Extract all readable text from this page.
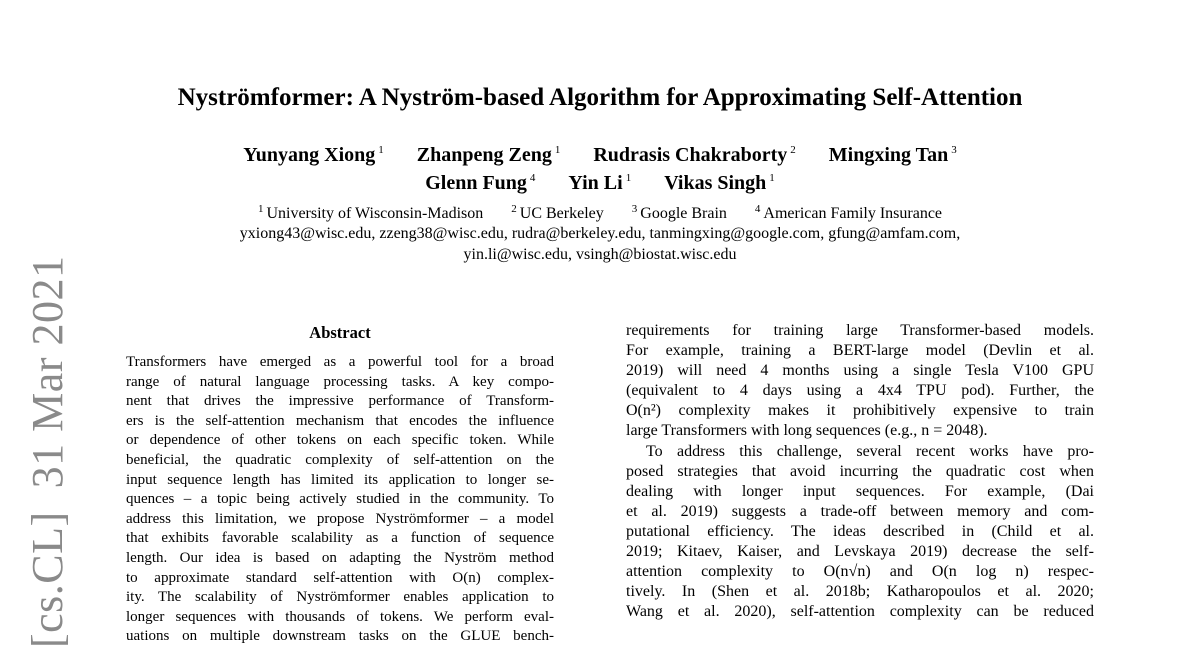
[cs.CL]  31 Mar 2021
Nyströmformer: A Nyström-based Algorithm for Approximating Self-Attention
Yunyang Xiong $^1$ Zhanpeng Zeng $^1$ Rudrasis Chakraborty $^2$ Mingxing Tan $^3$
Glenn Fung $^4$ Yin Li $^1$ Vikas Singh $^1$
$^1$ University of Wisconsin-Madison	$^2$ UC Berkeley	$^3$ Google Brain	$^4$ American Family Insurance
yxiong43@wisc.edu, zzeng38@wisc.edu, rudra@berkeley.edu, tanmingxing@google.com, gfung@amfam.com,
yin.li@wisc.edu, vsingh@biostat.wisc.edu
Abstract
Transformers have emerged as a powerful tool for a broad
range of natural language processing tasks. A key compo-
nent that drives the impressive performance of Transform-
ers is the self-attention mechanism that encodes the influence
or dependence of other tokens on each specific token. While
beneficial, the quadratic complexity of self-attention on the
input sequence length has limited its application to longer se-
quences – a topic being actively studied in the community. To
address this limitation, we propose Nyströmformer – a model
that exhibits favorable scalability as a function of sequence
length. Our idea is based on adapting the Nyström method
to approximate standard self-attention with O(n) complex-
ity. The scalability of Nyströmformer enables application to
longer sequences with thousands of tokens. We perform eval-
uations on multiple downstream tasks on the GLUE bench-
requirements for training large Transformer-based models.
For example, training a BERT-large model (Devlin et al.
2019) will need 4 months using a single Tesla V100 GPU
(equivalent to 4 days using a 4x4 TPU pod). Further, the
O(n²) complexity makes it prohibitively expensive to train
large Transformers with long sequences (e.g., n = 2048).
To address this challenge, several recent works have pro-
posed strategies that avoid incurring the quadratic cost when
dealing with longer input sequences. For example, (Dai
et al. 2019) suggests a trade-off between memory and com-
putational efficiency. The ideas described in (Child et al.
2019; Kitaev, Kaiser, and Levskaya 2019) decrease the self-
attention complexity to O(n√n) and O(n log n) respec-
tively. In (Shen et al. 2018b; Katharopoulos et al. 2020;
Wang et al. 2020), self-attention complexity can be reduced
